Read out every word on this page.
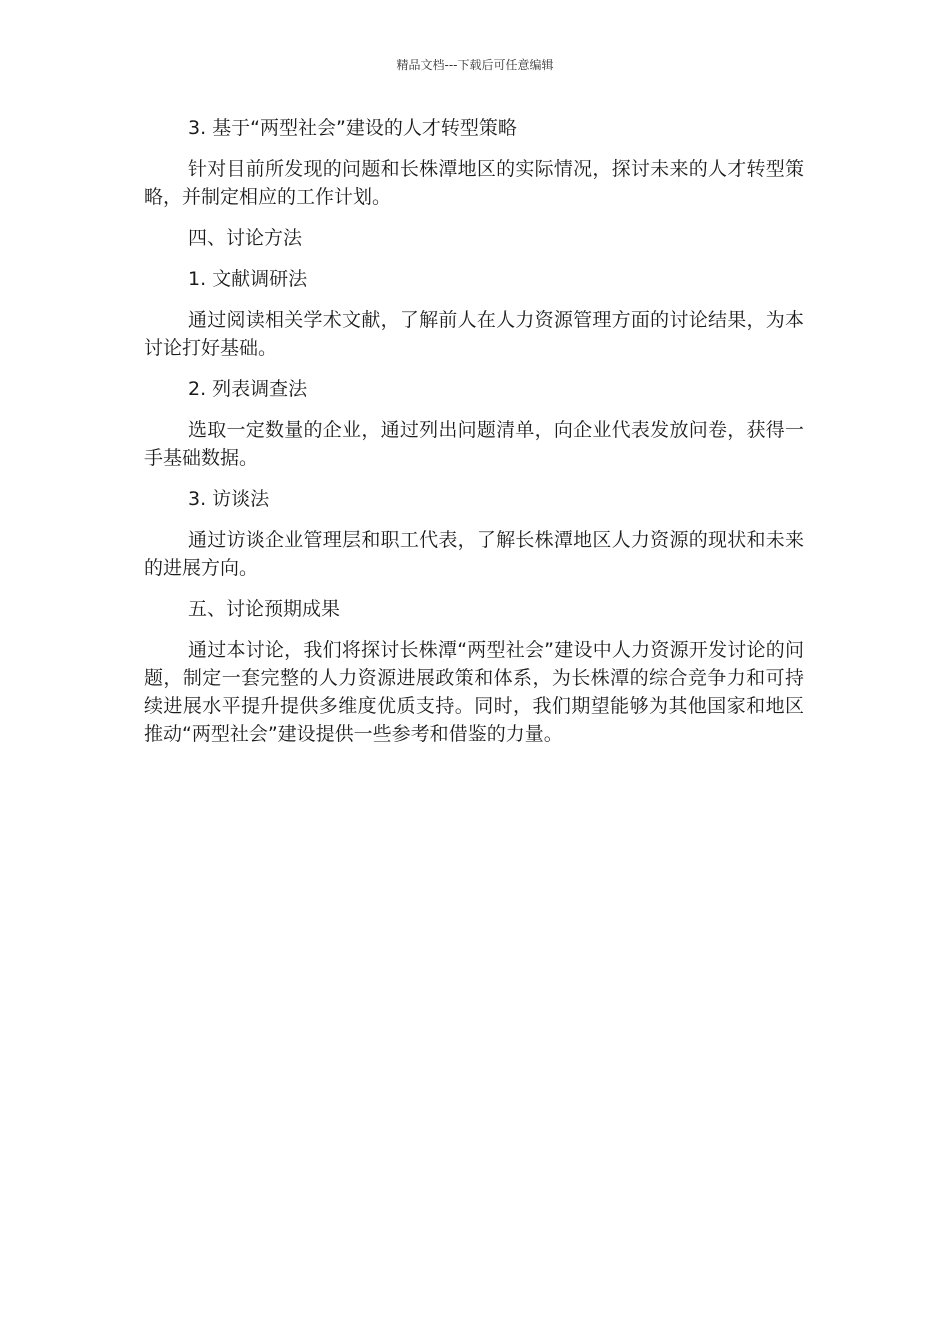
精品文档---下载后可任意编辑
3. 基于“两型社会”建设的人才转型策略
针对目前所发现的问题和长株潭地区的实际情况，探讨未来的人才转型策略，并制定相应的工作计划。
四、讨论方法
1. 文献调研法
通过阅读相关学术文献，了解前人在人力资源管理方面的讨论结果，为本讨论打好基础。
2. 列表调查法
选取一定数量的企业，通过列出问题清单，向企业代表发放问卷，获得一手基础数据。
3. 访谈法
通过访谈企业管理层和职工代表，了解长株潭地区人力资源的现状和未来的进展方向。
五、讨论预期成果
通过本讨论，我们将探讨长株潭“两型社会”建设中人力资源开发讨论的问题，制定一套完整的人力资源进展政策和体系，为长株潭的综合竞争力和可持续进展水平提升提供多维度优质支持。同时，我们期望能够为其他国家和地区推动“两型社会”建设提供一些参考和借鉴的力量。
